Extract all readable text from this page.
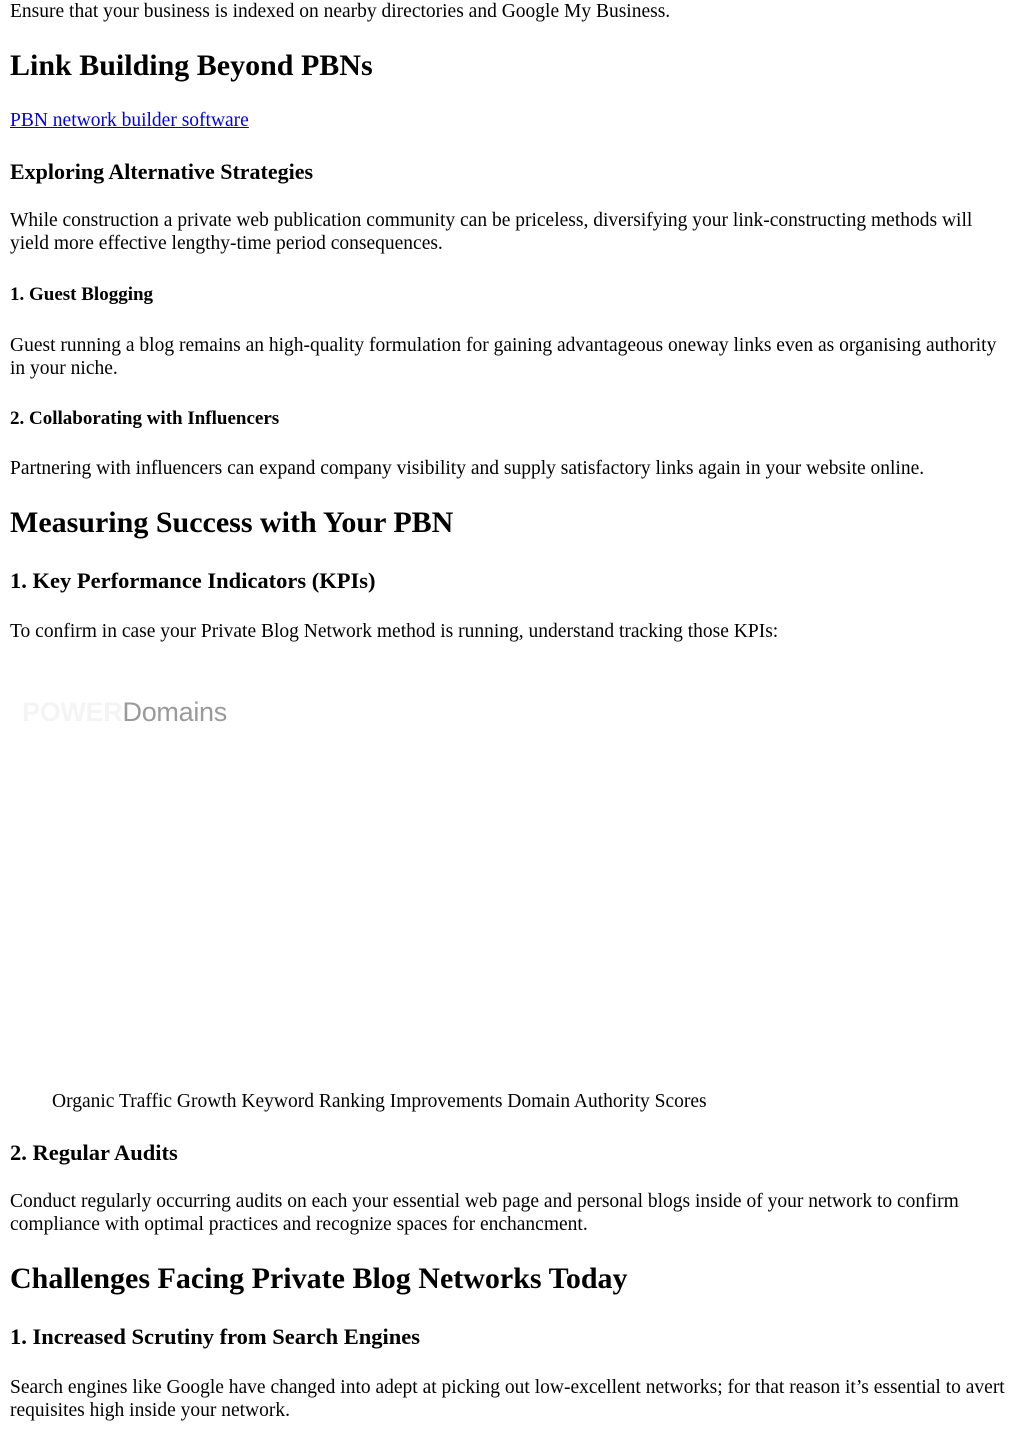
Ensure that your business is indexed on nearby directories and Google My Business.

Link Building Beyond PBNs
PBN network builder software
Exploring Alternative Strategies

While construction a private web publication community can be priceless, diversifying your link-constructing methods will yield more effective lengthy-time period consequences.

1. Guest Blogging

Guest running a blog remains an high-quality formulation for gaining advantageous oneway links even as organising authority in your niche.

2. Collaborating with Influencers

Partnering with influencers can expand company visibility and supply satisfactory links again in your website online.

Measuring Success with Your PBN
1. Key Performance Indicators (KPIs)

To confirm in case your Private Blog Network method is running, understand tracking those KPIs:

POWERDomains
Organic Traffic Growth Keyword Ranking Improvements Domain Authority Scores
2. Regular Audits

Conduct regularly occurring audits on each your essential web page and personal blogs inside of your network to confirm compliance with optimal practices and recognize spaces for enchancment.

Challenges Facing Private Blog Networks Today
1. Increased Scrutiny from Search Engines

Search engines like Google have changed into adept at picking out low-excellent networks; for that reason it’s essential to avert requisites high inside your network.
